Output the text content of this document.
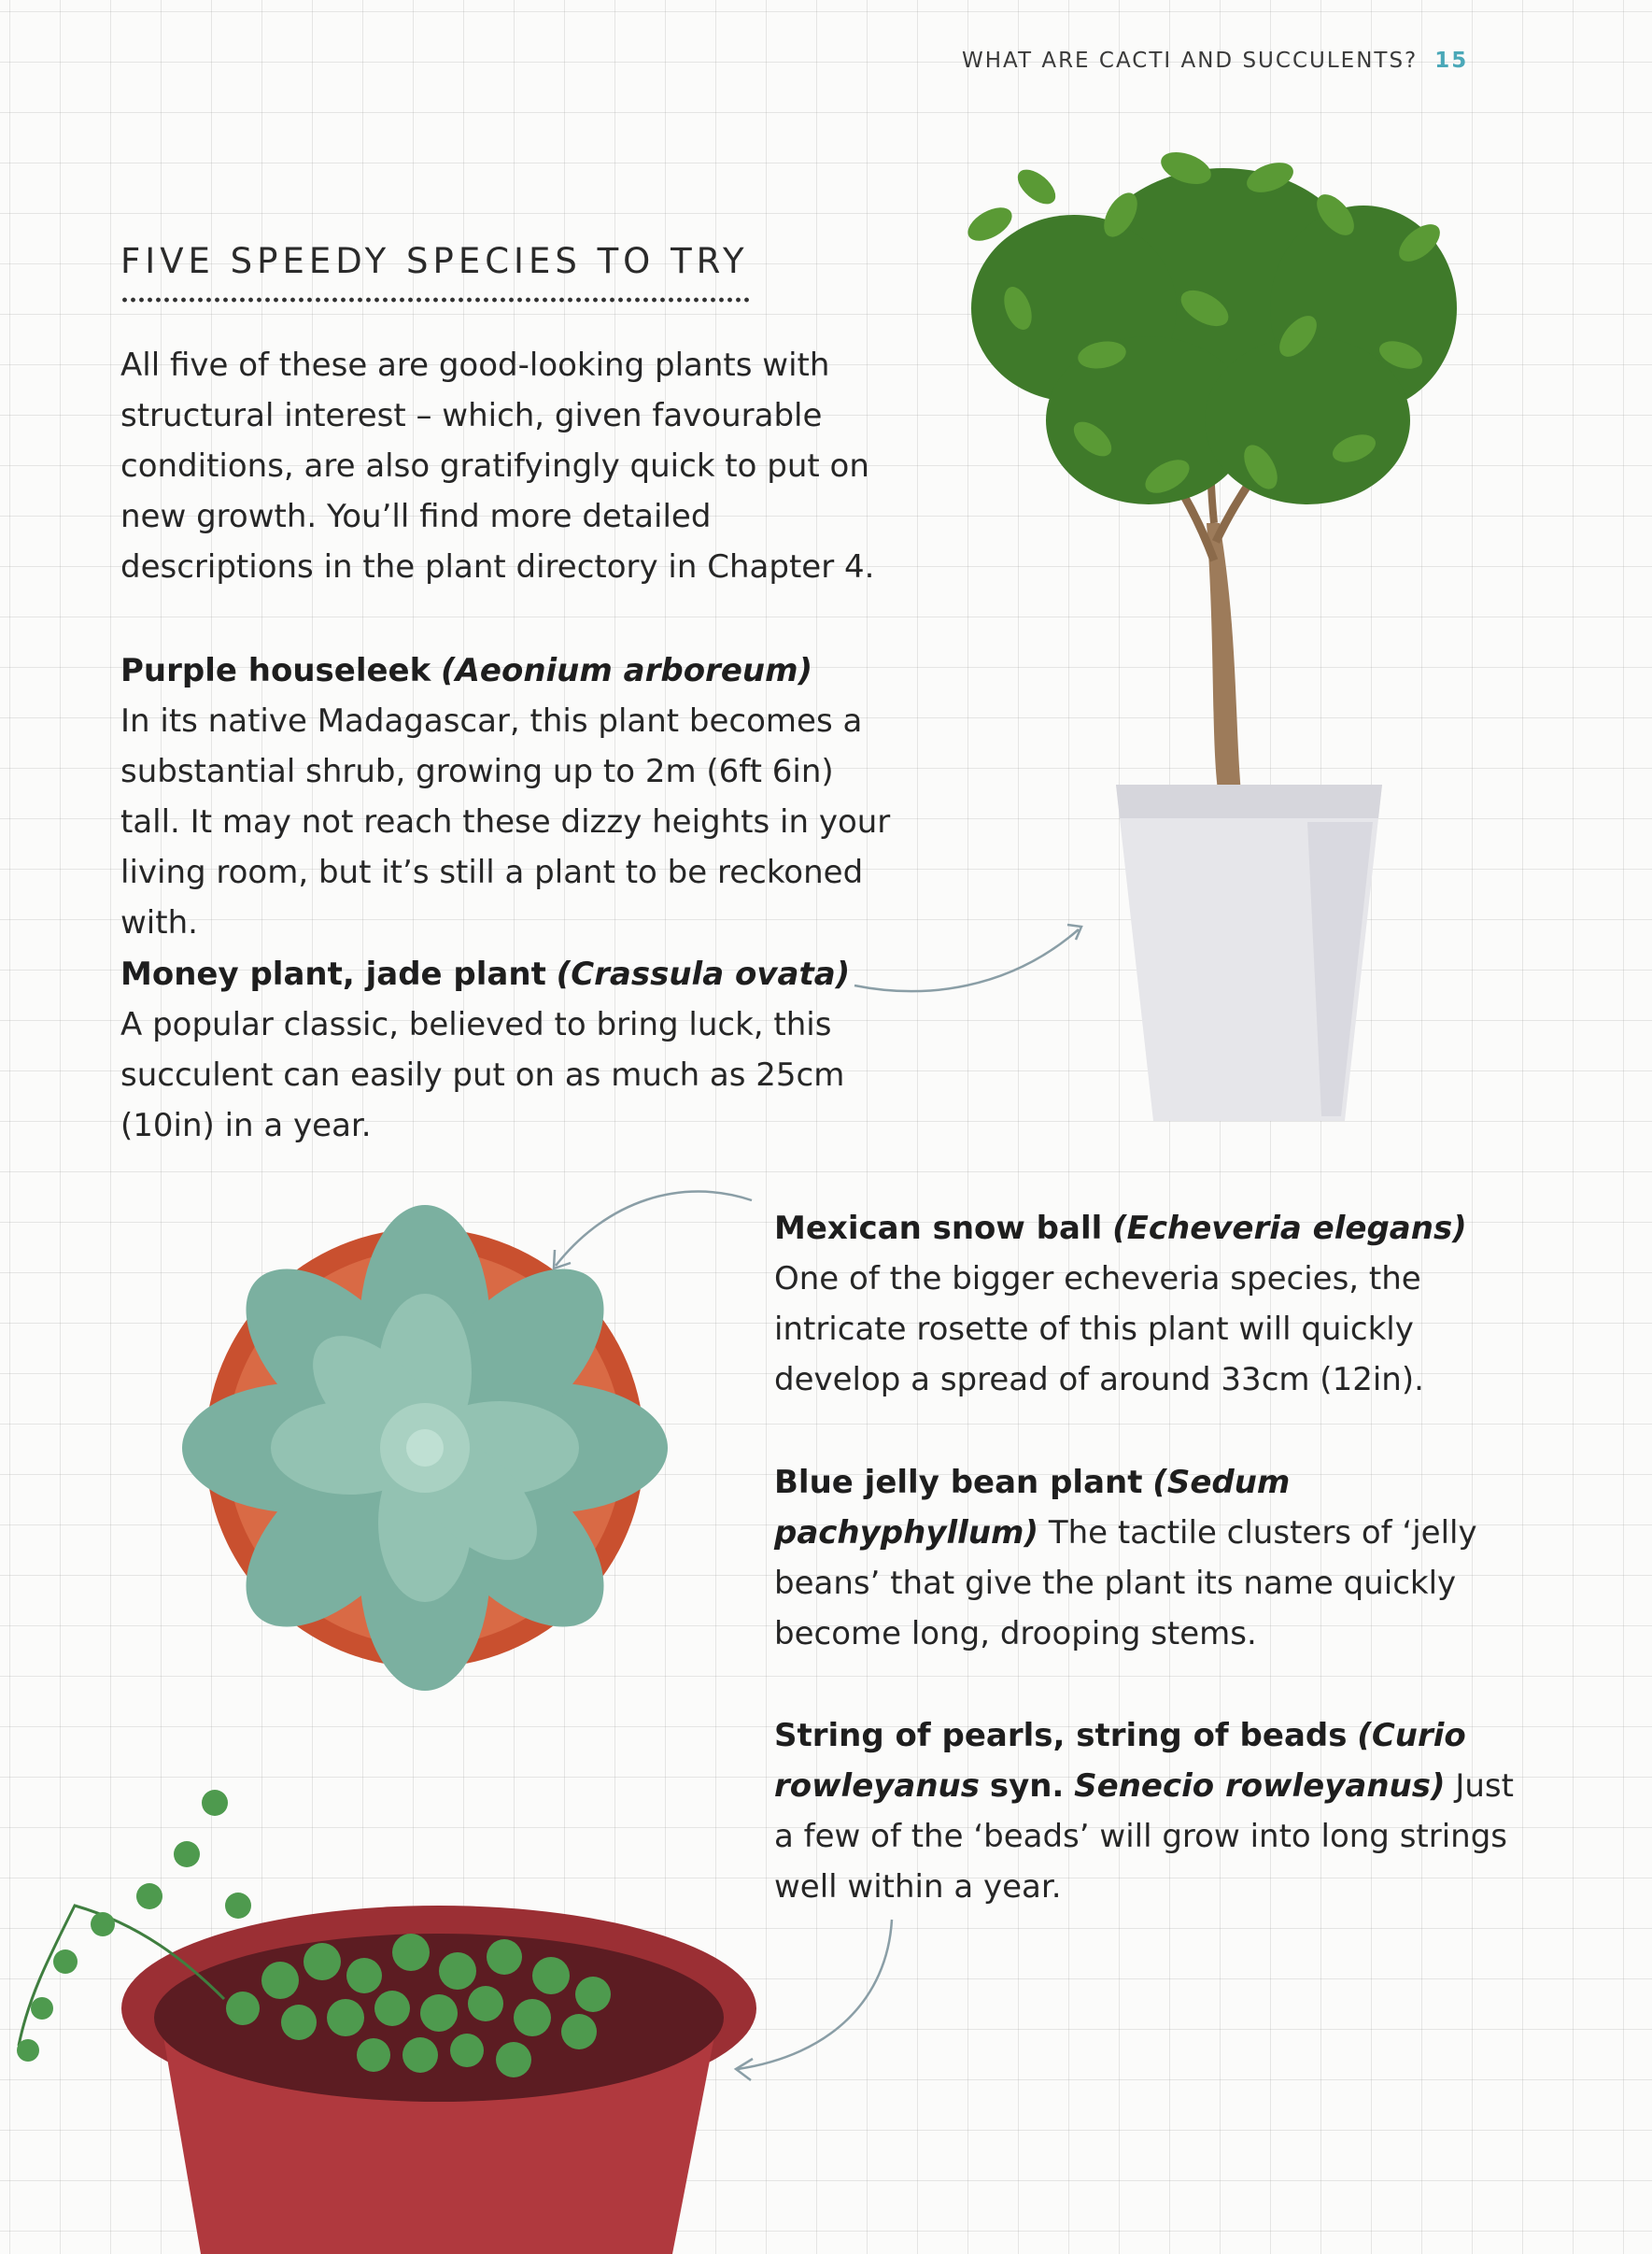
WHAT ARE CACTI AND SUCCULENTS? 15
FIVE SPEEDY SPECIES TO TRY
All five of these are good-looking plants with structural interest – which, given favourable conditions, are also gratifyingly quick to put on new growth. You’ll find more detailed descriptions in the plant directory in Chapter 4.
Purple houseleek (Aeonium arboreum)
In its native Madagascar, this plant becomes a substantial shrub, growing up to 2m (6ft 6in) tall. It may not reach these dizzy heights in your living room, but it’s still a plant to be reckoned with.
Money plant, jade plant (Crassula ovata)
A popular classic, believed to bring luck, this succulent can easily put on as much as 25cm (10in) in a year.
Mexican snow ball (Echeveria elegans)
One of the bigger echeveria species, the intricate rosette of this plant will quickly develop a spread of around 33cm (12in).
Blue jelly bean plant (Sedum pachyphyllum) The tactile clusters of ‘jelly beans’ that give the plant its name quickly become long, drooping stems.
String of pearls, string of beads (Curio rowleyanus syn. Senecio rowleyanus) Just a few of the ‘beads’ will grow into long strings well within a year.
